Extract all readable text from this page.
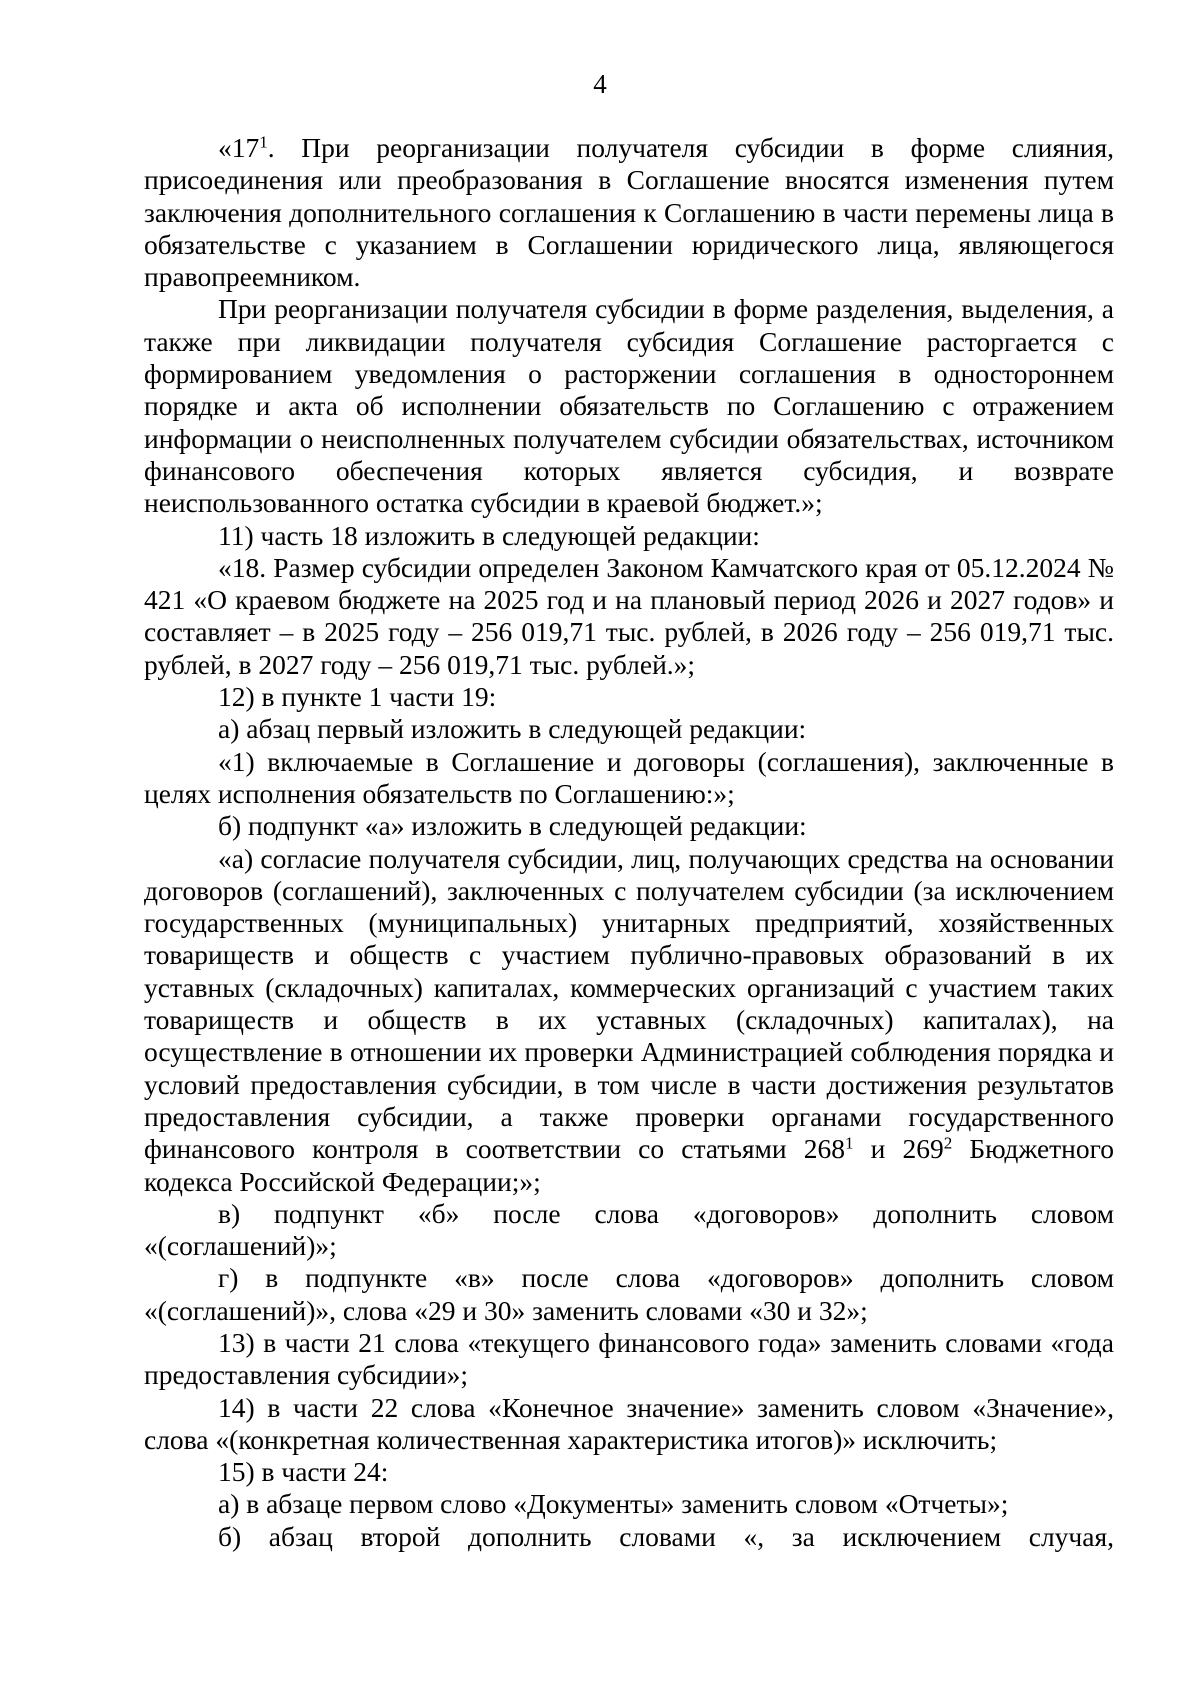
4

«$17^1$. При реорганизации получателя субсидии в форме слияния, присоединения или преобразования в Соглашение вносятся изменения путем заключения дополнительного соглашения к Соглашению в части перемены лица в обязательстве с указанием в Соглашении юридического лица, являющегося правопреемником.

При реорганизации получателя субсидии в форме разделения, выделения, а также при ликвидации получателя субсидия Соглашение расторгается с формированием уведомления о расторжении соглашения в одностороннем порядке и акта об исполнении обязательств по Соглашению с отражением информации о неисполненных получателем субсидии обязательствах, источником финансового обеспечения которых является субсидия, и возврате неиспользованного остатка субсидии в краевой бюджет.»;

11) часть 18 изложить в следующей редакции:

«18. Размер субсидии определен Законом Камчатского края от 05.12.2024 № 421 «О краевом бюджете на 2025 год и на плановый период 2026 и 2027 годов» и составляет – в 2025 году – 256 019,71 тыс. рублей, в 2026 году – 256 019,71 тыс. рублей, в 2027 году – 256 019,71 тыс. рублей.»;

12) в пункте 1 части 19:

а) абзац первый изложить в следующей редакции:

«1) включаемые в Соглашение и договоры (соглашения), заключенные в целях исполнения обязательств по Соглашению:»;

б) подпункт «а» изложить в следующей редакции:

«а) согласие получателя субсидии, лиц, получающих средства на основании договоров (соглашений), заключенных с получателем субсидии (за исключением государственных (муниципальных) унитарных предприятий, хозяйственных товариществ и обществ с участием публично-правовых образований в их уставных (складочных) капиталах, коммерческих организаций с участием таких товариществ и обществ в их уставных (складочных) капиталах), на осуществление в отношении их проверки Администрацией соблюдения порядка и условий предоставления субсидии, в том числе в части достижения результатов предоставления субсидии, а также проверки органами государственного финансового контроля в соответствии со статьями $268^1$ и $269^2$ Бюджетного кодекса Российской Федерации;»;

в) подпункт «б» после слова «договоров» дополнить словом «(соглашений)»;

г) в подпункте «в» после слова «договоров» дополнить словом «(соглашений)», слова «29 и 30» заменить словами «30 и 32»;

13) в части 21 слова «текущего финансового года» заменить словами «года предоставления субсидии»;

14) в части 22 слова «Конечное значение» заменить словом «Значение», слова «(конкретная количественная характеристика итогов)» исключить;

15) в части 24:

а) в абзаце первом слово «Документы» заменить словом «Отчеты»;

б) абзац второй дополнить словами «, за исключением случая,
